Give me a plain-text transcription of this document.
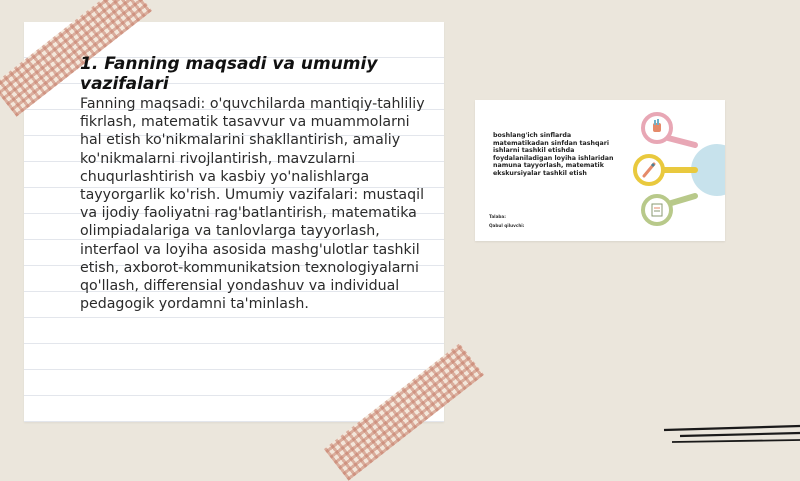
1. Fanning maqsadi va umumiy vazifalari

Fanning maqsadi: o'quvchilarda mantiqiy-tahliliy fikrlash, matematik tasavvur va muammolarni hal etish ko'nikmalarini shakllantirish, amaliy ko'nikmalarni rivojlantirish, mavzularni chuqurlashtirish va kasbiy yo'nalishlarga tayyorgarlik ko'rish. Umumiy vazifalari: mustaqil va ijodiy faoliyatni rag'batlantirish, matematika olimpiadalariga va tanlovlarga tayyorlash, interfaol va loyiha asosida mashg'ulotlar tashkil etish, axborot-kommunikatsion texnologiyalarni qo'llash, differensial yondashuv va individual pedagogik yordamni ta'minlash.

boshlang'ich sinflarda matematikadan sinfdan tashqari ishlarni tashkil etishda foydalaniladigan loyiha ishlaridan namuna tayyorlash, matematik ekskursiyalar tashkil etish
Talaba:
Qabul qiluvchi:
